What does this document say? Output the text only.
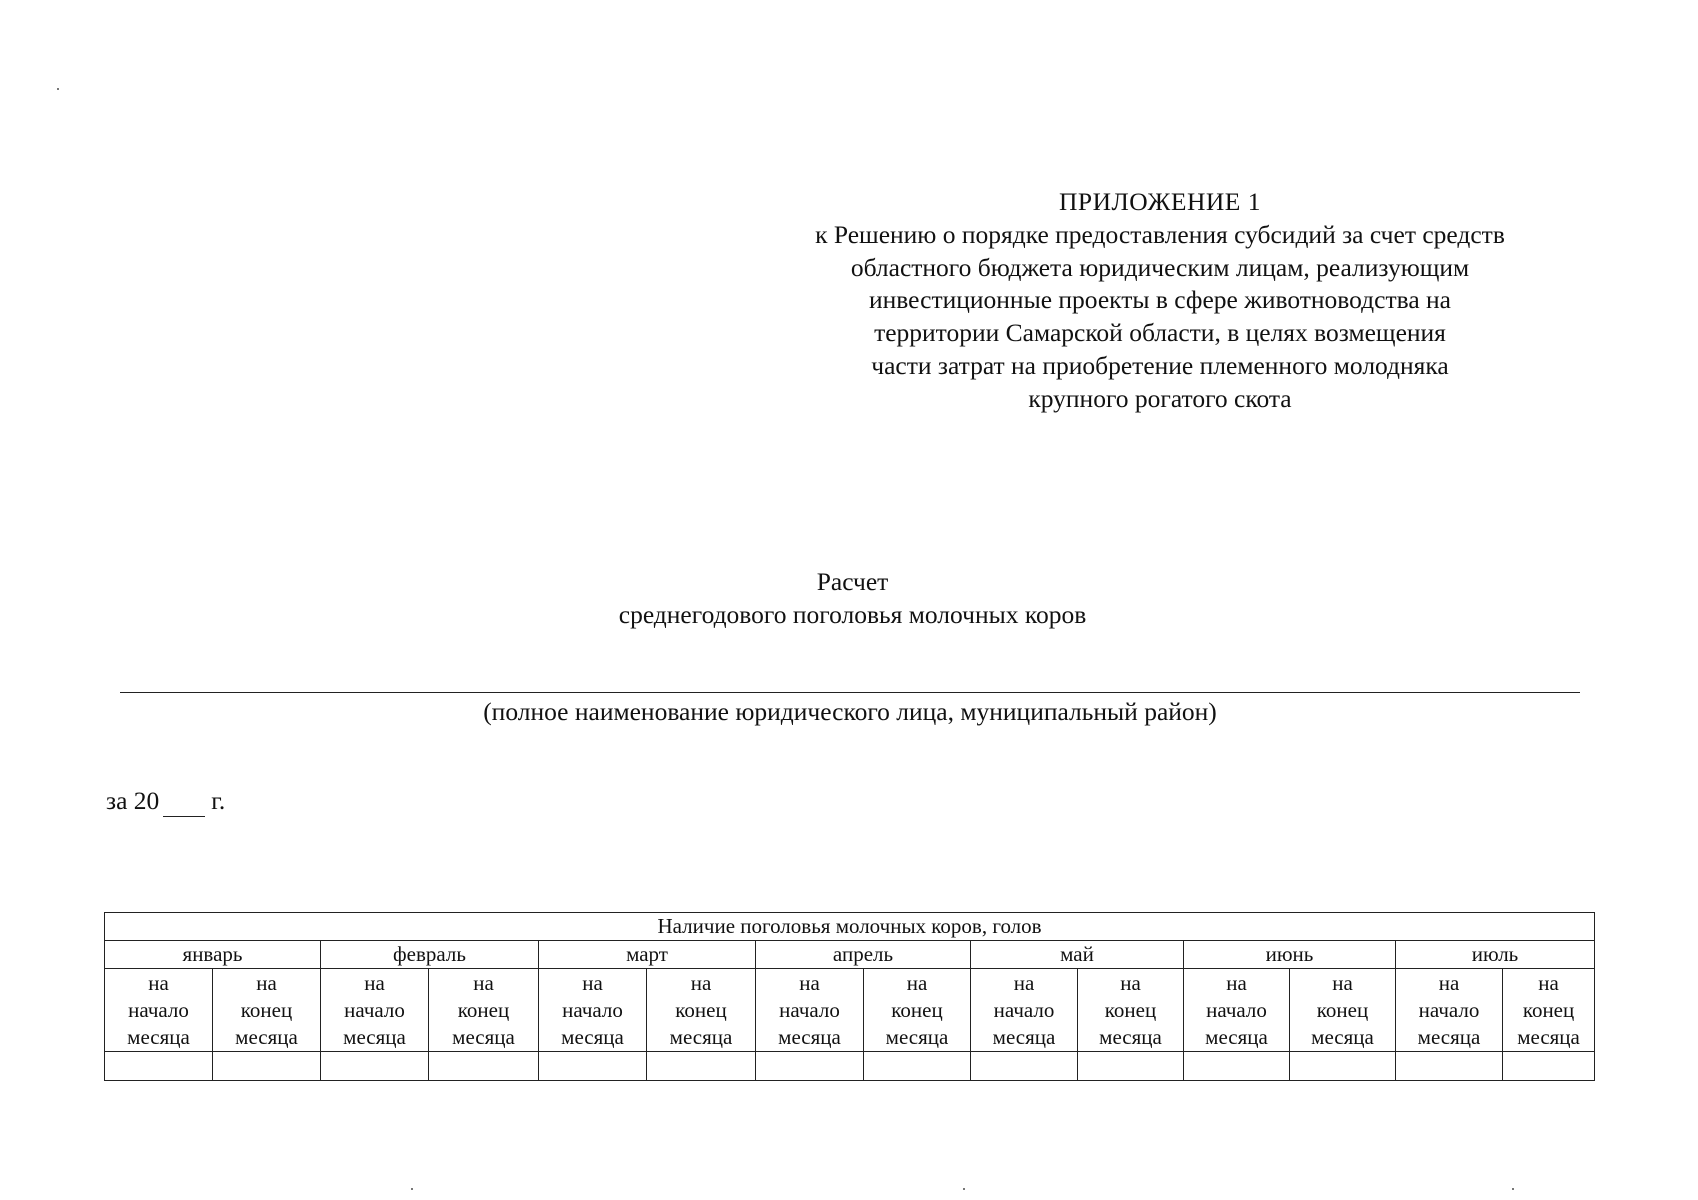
ПРИЛОЖЕНИЕ 1
к Решению о порядке предоставления субсидий за счет средств
областного бюджета юридическим лицам, реализующим
инвестиционные проекты в сфере животноводства на
территории Самарской области, в целях возмещения
части затрат на приобретение племенного молодняка
крупного рогатого скота
Расчет
среднегодового поголовья молочных коров
(полное наименование юридического лица, муниципальный район)
за 20 г.
Наличие поголовья молочных коров, голов													
январь		февраль		март		апрель		май		июнь		июль	
на
начало
месяца	на
конец
месяца	на
начало
месяца	на
конец
месяца	на
начало
месяца	на
конец
месяца	на
начало
месяца	на
конец
месяца	на
начало
месяца	на
конец
месяца	на
начало
месяца	на
конец
месяца	на
начало
месяца	на
конец
месяца
